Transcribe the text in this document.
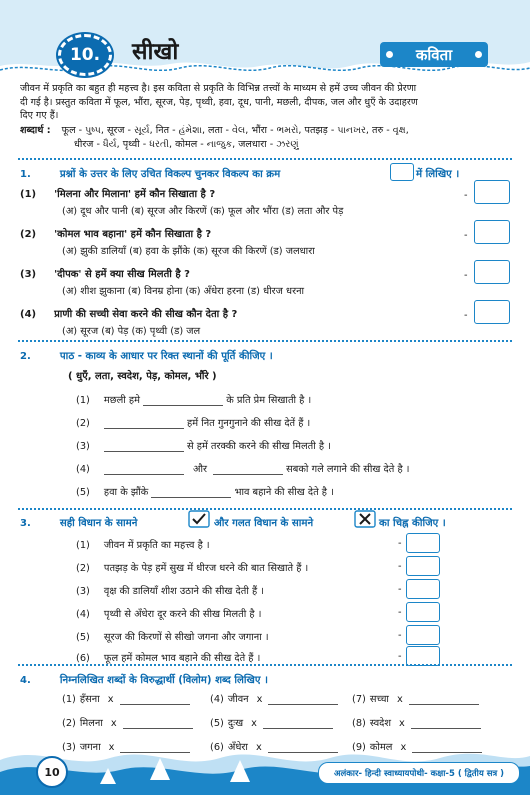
10. सीखो	कविता
जीवन में प्रकृति का बहुत ही महत्त्व है। इस कविता से प्रकृति के विभिन्न तत्त्वों के माध्यम से हमें उच्च जीवन की प्रेरणा
दी गई है। प्रस्तुत कविता में फूल, भौंरा, सूरज, पेड़, पृथ्वी, हवा, दूध, पानी, मछली, दीपक, जल और धुएँ के उदाहरण
दिए गए हैं।
शब्दार्थ : फूल - પુષ્પ, सूरज - સૂર્ય, नित - હંમેશા, लता - વેલ, भौंरा - ભમરો, पतझड़ - પાનખર, तरु - વૃક્ષ,
धीरज - ધૈર્ય, पृथ्वी - ધરતી, कोमल - નાજુક, जलधारा - ઝરણું
1.	प्रश्नों के उत्तर के लिए उचित विकल्प चुनकर विकल्प का क्रम	में लिखिए ।
(1) 'मिलना और मिलाना' हमें कौन सिखाता है ?
(अ) दूध और पानी (ब) सूरज और किरणें (क) फूल और भौंरा (ड) लता और पेड़
-
(2) 'कोमल भाव बहाना' हमें कौन सिखाता है ?
(अ) झुकी डालियाँ (ब) हवा के झौंके (क) सूरज की किरणें (ड) जलधारा
-
(3) 'दीपक' से हमें क्या सीख मिलती है ?
(अ) शीश झुकाना (ब) विनम्र होना (क) अँधेरा हरना (ड) धीरज धरना
-
(4) प्राणी की सच्ची सेवा करने की सीख कौन देता है ?
(अ) सूरज (ब) पेड़ (क) पृथ्वी (ड) जल
-
2.	पाठ - काव्य के आधार पर रिक्त स्थानों की पूर्ति कीजिए ।
( धुएँ, लता, स्वदेश, पेड़, कोमल, भौंरे )
(1) मछली हमे	के प्रति प्रेम सिखाती है ।
(2)	हमें नित गुनगुनाने की सीख देतें हैं ।
(3)	से हमें तरक्की करने की सीख मिलती है ।
(4)	और	सबको गले लगाने की सीख देते है ।
(5) हवा के झौंके	भाव बहाने की सीख देते है ।
3.	सही विधान के सामने	और गलत विधान के सामने	का चिह्न कीजिए ।
(1) जीवन में प्रकृति का महत्त्व है ।	-
(2) पतझड़ के पेड़ हमें सुख में धीरज धरने की बात सिखाते हैं ।	-
(3) वृक्ष की डालियाँ शीश उठाने की सीख देती हैं ।	-
(4) पृथ्वी से अँधेरा दूर करने की सीख मिलती है ।	-
(5) सूरज की किरणों से सीखो जगना और जगाना ।	-
(6) फूल हमें कोमल भाव बहाने की सीख देते हैं ।	-
4.	निम्नलिखित शब्दों के विरुद्धार्थी (विलोम) शब्द लिखिए ।
(1) हँसना x	(4) जीवन x	(7) सच्चा x
(2) मिलना x	(5) दुःख x	(8) स्वदेश x
(3) जगना x	(6) अँधेरा x	(9) कोमल x
10	अलंकार- हिन्दी स्वाध्यायपोथी- कक्षा-5 ( द्वितीय सत्र )
